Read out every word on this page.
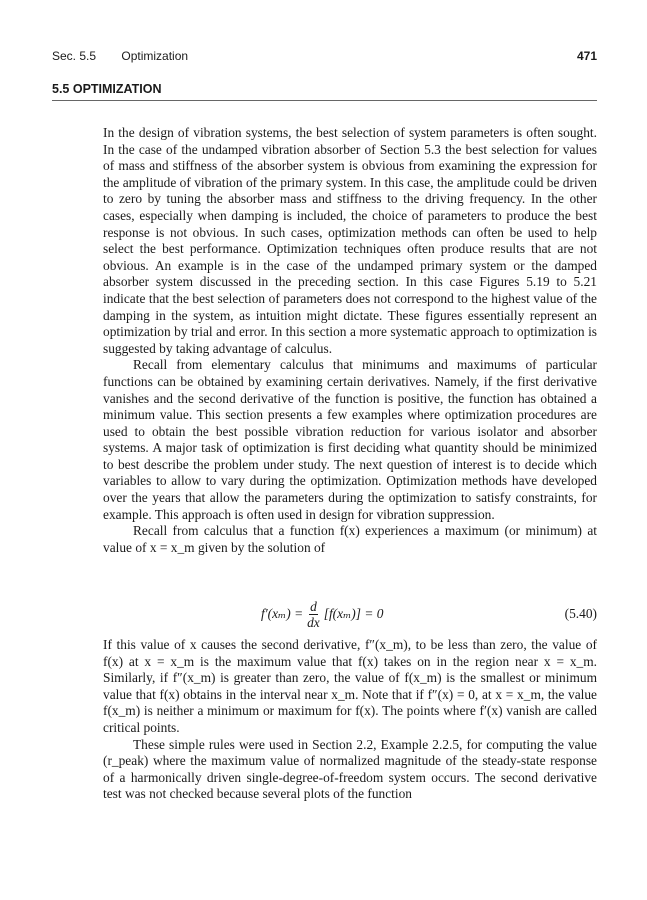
Sec. 5.5 Optimization	471
5.5 OPTIMIZATION

In the design of vibration systems, the best selection of system parameters is often sought. In the case of the undamped vibration absorber of Section 5.3 the best selection for values of mass and stiffness of the absorber system is obvious from examining the expression for the amplitude of vibration of the primary system. In this case, the amplitude could be driven to zero by tuning the absorber mass and stiffness to the driving frequency. In the other cases, especially when damping is included, the choice of parameters to produce the best response is not obvious. In such cases, optimization methods can often be used to help select the best performance. Optimization techniques often produce results that are not obvious. An example is in the case of the undamped primary system or the damped absorber system discussed in the preceding section. In this case Figures 5.19 to 5.21 indicate that the best selection of parameters does not correspond to the highest value of the damping in the system, as intuition might dictate. These figures essentially represent an optimization by trial and error. In this section a more systematic approach to optimization is suggested by taking advantage of calculus.

Recall from elementary calculus that minimums and maximums of particular functions can be obtained by examining certain derivatives. Namely, if the first derivative vanishes and the second derivative of the function is positive, the function has obtained a minimum value. This section presents a few examples where optimization procedures are used to obtain the best possible vibration reduction for various isolator and absorber systems. A major task of optimization is first deciding what quantity should be minimized to best describe the problem under study. The next question of interest is to decide which variables to allow to vary during the optimization. Optimization methods have developed over the years that allow the parameters during the optimization to satisfy constraints, for example. This approach is often used in design for vibration suppression.

Recall from calculus that a function f(x) experiences a maximum (or minimum) at value of x = x_m given by the solution of

$f'(x_m) = \frac{d}{dx} [f(x_m)] = 0$	(5.40)

If this value of x causes the second derivative, f″(x_m), to be less than zero, the value of f(x) at x = x_m is the maximum value that f(x) takes on in the region near x = x_m. Similarly, if f″(x_m) is greater than zero, the value of f(x_m) is the smallest or minimum value that f(x) obtains in the interval near x_m. Note that if f″(x) = 0, at x = x_m, the value f(x_m) is neither a minimum or maximum for f(x). The points where f′(x) vanish are called critical points.

These simple rules were used in Section 2.2, Example 2.2.5, for computing the value (r_peak) where the maximum value of normalized magnitude of the steady-state response of a harmonically driven single-degree-of-freedom system occurs. The second derivative test was not checked because several plots of the function
